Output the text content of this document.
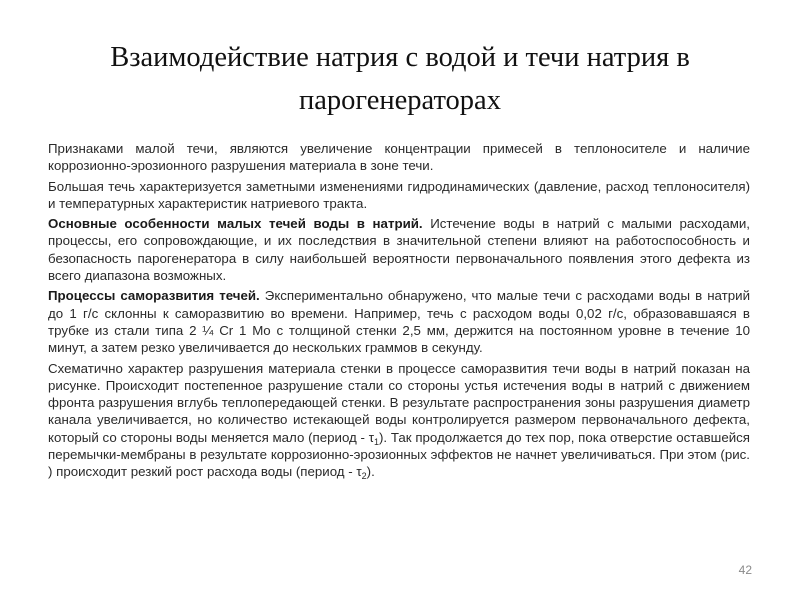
Взаимодействие натрия с водой и течи натрия в парогенераторах

Признаками малой течи, являются увеличение концентрации примесей в теплоносителе и наличие коррозионно-эрозионного разрушения материала в зоне течи.

Большая течь характеризуется заметными изменениями гидродинамических (давление, расход теплоносителя) и температурных характеристик натриевого тракта.

Основные особенности малых течей воды в натрий. Истечение воды в натрий с малыми расходами, процессы, его сопровождающие, и их последствия в значительной степени влияют на работоспособность и безопасность парогенератора в силу наибольшей вероятности первоначального появления этого дефекта из всего диапазона возможных.

Процессы саморазвития течей. Экспериментально обнаружено, что малые течи с расходами воды в натрий до 1 г/с склонны к саморазвитию во времени. Например, течь с расходом воды 0,02 г/с, образовавшаяся в трубке из стали типа 2 ¼ Cr 1 Mo с толщиной стенки 2,5 мм, держится на постоянном уровне в течение 10 минут, а затем резко увеличивается до нескольких граммов в секунду.

Схематично характер разрушения материала стенки в процессе саморазвития течи воды в натрий показан на рисунке. Происходит постепенное разрушение стали со стороны устья истечения воды в натрий с движением фронта разрушения вглубь теплопередающей стенки. В результате распространения зоны разрушения диаметр канала увеличивается, но количество истекающей воды контролируется размером первоначального дефекта, который со стороны воды меняется мало (период - $\tau_1$). Так продолжается до тех пор, пока отверстие оставшейся перемычки-мембраны в результате коррозионно-эрозионных эффектов не начнет увеличиваться. При этом (рис. ) происходит резкий рост расхода воды (период - $\tau_2$).

42
